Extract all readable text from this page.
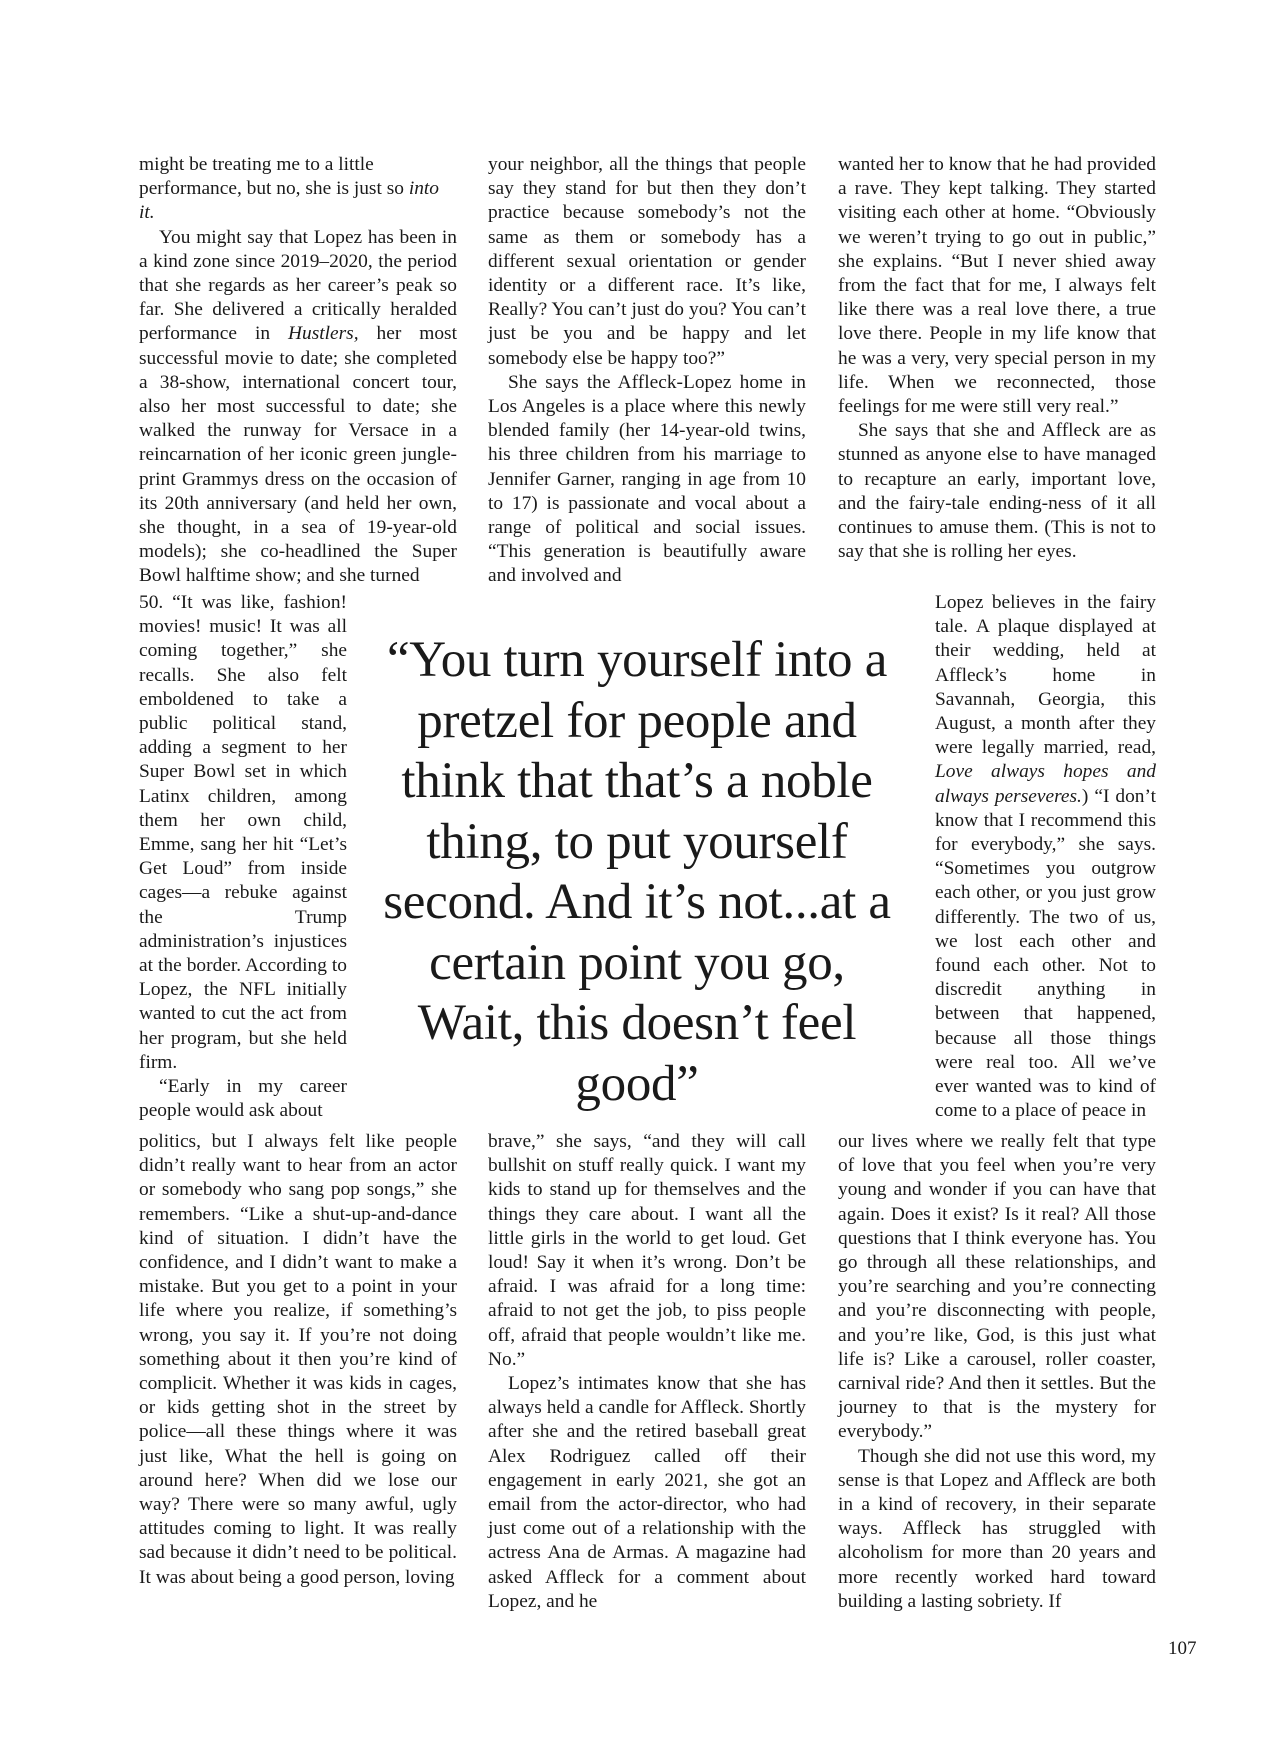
might be treating me to a little performance, but no, she is just so into it.

You might say that Lopez has been in a kind zone since 2019–2020, the period that she regards as her career’s peak so far. She delivered a critically heralded performance in Hustlers, her most successful movie to date; she completed a 38-show, international concert tour, also her most successful to date; she walked the runway for Versace in a reincarnation of her iconic green jungle-print Grammys dress on the occasion of its 20th anniversary (and held her own, she thought, in a sea of 19-year-old models); she co-headlined the Super Bowl halftime show; and she turned

50. “It was like, fashion! movies! music! It was all coming together,” she recalls. She also felt emboldened to take a public political stand, adding a segment to her Super Bowl set in which Latinx children, among them her own child, Emme, sang her hit “Let’s Get Loud” from inside cages—a rebuke against the Trump administration’s injustices at the border. According to Lopez, the NFL initially wanted to cut the act from her program, but she held firm.

“Early in my career people would ask about

politics, but I always felt like people didn’t really want to hear from an actor or somebody who sang pop songs,” she remembers. “Like a shut-up-and-dance kind of situation. I didn’t have the confidence, and I didn’t want to make a mistake. But you get to a point in your life where you realize, if something’s wrong, you say it. If you’re not doing something about it then you’re kind of complicit. Whether it was kids in cages, or kids getting shot in the street by police—all these things where it was just like, What the hell is going on around here? When did we lose our way? There were so many awful, ugly attitudes coming to light. It was really sad because it didn’t need to be political. It was about being a good person, loving

your neighbor, all the things that people say they stand for but then they don’t practice because somebody’s not the same as them or somebody has a different sexual orientation or gender identity or a different race. It’s like, Really? You can’t just do you? You can’t just be you and be happy and let somebody else be happy too?”

She says the Affleck-Lopez home in Los Angeles is a place where this newly blended family (her 14-year-old twins, his three children from his marriage to Jennifer Garner, ranging in age from 10 to 17) is passionate and vocal about a range of political and social issues. “This generation is beautifully aware and involved and

brave,” she says, “and they will call bullshit on stuff really quick. I want my kids to stand up for themselves and the things they care about. I want all the little girls in the world to get loud. Get loud! Say it when it’s wrong. Don’t be afraid. I was afraid for a long time: afraid to not get the job, to piss people off, afraid that people wouldn’t like me. No.”

Lopez’s intimates know that she has always held a candle for Affleck. Shortly after she and the retired baseball great Alex Rodriguez called off their engagement in early 2021, she got an email from the actor-director, who had just come out of a relationship with the actress Ana de Armas. A magazine had asked Affleck for a comment about Lopez, and he

wanted her to know that he had provided a rave. They kept talking. They started visiting each other at home. “Obviously we weren’t trying to go out in public,” she explains. “But I never shied away from the fact that for me, I always felt like there was a real love there, a true love there. People in my life know that he was a very, very special person in my life. When we reconnected, those feelings for me were still very real.”

She says that she and Affleck are as stunned as anyone else to have managed to recapture an early, important love, and the fairy-tale ending-ness of it all continues to amuse them. (This is not to say that she is rolling her eyes.

Lopez believes in the fairy tale. A plaque displayed at their wedding, held at Affleck’s home in Savannah, Georgia, this August, a month after they were legally married, read, Love always hopes and always perseveres.) “I don’t know that I recommend this for everybody,” she says. “Sometimes you outgrow each other, or you just grow differently. The two of us, we lost each other and found each other. Not to discredit anything in between that happened, because all those things were real too. All we’ve ever wanted was to kind of come to a place of peace in

our lives where we really felt that type of love that you feel when you’re very young and wonder if you can have that again. Does it exist? Is it real? All those questions that I think everyone has. You go through all these relationships, and you’re searching and you’re connecting and you’re disconnecting with people, and you’re like, God, is this just what life is? Like a carousel, roller coaster, carnival ride? And then it settles. But the journey to that is the mystery for everybody.”

Though she did not use this word, my sense is that Lopez and Affleck are both in a kind of recovery, in their separate ways. Affleck has struggled with alcoholism for more than 20 years and more recently worked hard toward building a lasting sobriety. If

“You turn yourself into a pretzel for people and think that that’s a noble thing, to put yourself second. And it’s not...at a certain point you go, Wait, this doesn’t feel good”

107
